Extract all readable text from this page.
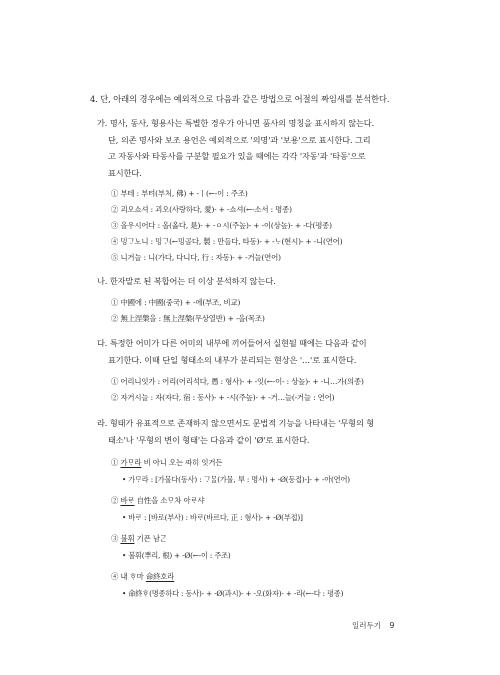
4. 단, 아래의 경우에는 예외적으로 다음과 같은 방법으로 어절의 짜임새를 분석한다.
가. 명사, 동사, 형용사는 특별한 경우가 아니면 품사의 명칭을 표시하지 않는다.
단, 의존 명사와 보조 용언은 예외적으로 '의명'과 '보용'으로 표시한다. 그리
고 자동사와 타동사를 구분할 필요가 있을 때에는 각각 '자동'과 '타동'으로
표시한다.
① 부테 : 부텨(부처, 佛) + -ㅣ(←-이 : 주조)
② 괴오쇼셔 : 괴오(사랑하다, 愛)- + -쇼셔(←-소서 : 명종)
③ 올우시어다 : 올(옳다, 是)- + -ㅇ시(주높)- + -이(상높)- + -다(평종)
④ 밍ᄀᆞ노니 : 밍ᄀᆞ(←밍골다, 製 : 만들다, 타동)- + -ᄂᆞ(현시)- + -니(연어)
⑤ 니거늘 : 니(가다, 다니다, 行 : 자동)- + -거늘(연어)
나. 한자말로 된 복합어는 더 이상 분석하지 않는다.
① 中國에 : 中國(중국) + -에(부조, 비교)
② 無上涅槃을 : 無上涅槃(무상열반) + -을(목조)
다. 특정한 어미가 다른 어미의 내부에 끼어들어서 실현될 때에는 다음과 같이
표기한다. 이때 단일 형태소의 내부가 분리되는 현상은 '…'로 표시한다.
① 어리니잇가 : 어리(어리석다, 愚 : 형사)- + -잇(←-이- : 상높)- + -니…가(의종)
② 자거시늘 : 자(자다, 宿 : 동사)- + -시(주높)- + -거…늘(-거늘 : 연어)
라. 형태가 유표적으로 존재하지 않으면서도 문법적 기능을 나타내는 '무형의 형
태소'나 '무형의 변이 형태'는 다음과 같이 'Ø'로 표시한다.
① 가ᄆᆞ라 비 아니 오는 ᄯᅡ히 잇거든
• 가ᄆᆞ라 : [가물다(동사) : ᄀᆞᄆᆞᆯ(가물, 旱 : 명사) + -Ø(동접)-]- + -아(연어)
② 바ᄅᆞ 自性을 소ᄆᆞ차 아ᄅᆞ샤
• 바ᄅᆞ : [바로(부사) : 바ᄅᆞ(바르다, 正 : 형사)- + -Ø(부접)]
③ 불휘 기픈 남ᄀᆞᆫ
• 불휘(뿌리, 根) + -Ø(←-이 : 주조)
④ 내 ᄒᆞ마 命終호라
• 命終ᄒᆞ(명종하다 : 동사)- + -Ø(과시)- + -오(화자)- + -라(←-다 : 평종)
일러두기 9
